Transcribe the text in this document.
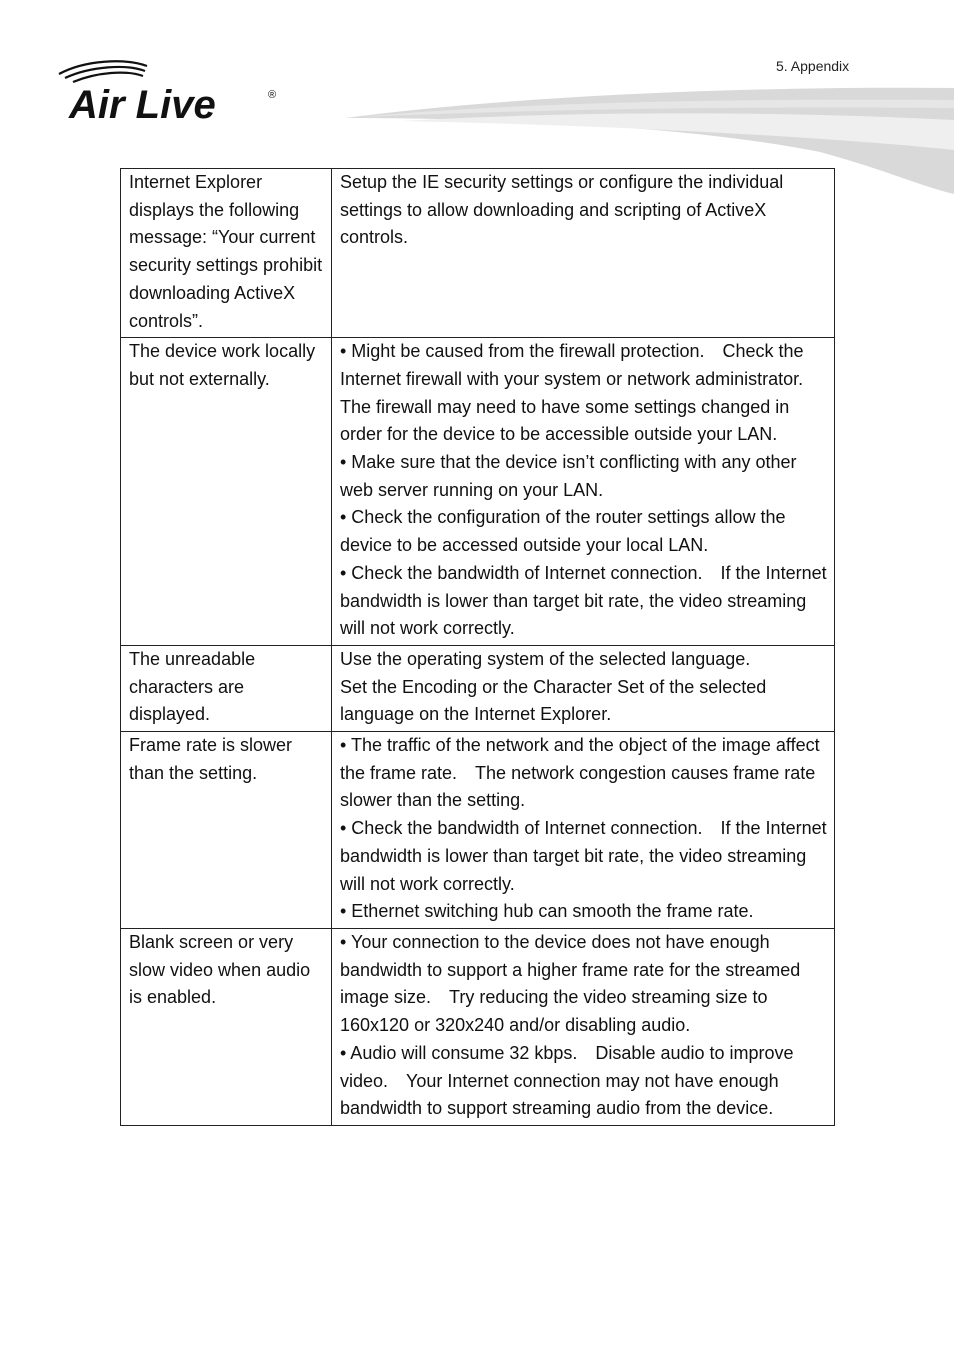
5. Appendix
Air Live	®
Internet Explorer displays the following message: “Your current security settings prohibit downloading ActiveX controls”.	Setup the IE security settings or configure the individual settings to allow downloading and scripting of ActiveX controls.

The device work locally but not externally.	• Might be caused from the firewall protection.　Check the Internet firewall with your system or network administrator.　The firewall may need to have some settings changed in order for the device to be accessible outside your LAN.
• Make sure that the device isn’t conflicting with any other web server running on your LAN.
• Check the configuration of the router settings allow the device to be accessed outside your local LAN.
• Check the bandwidth of Internet connection.　If the Internet bandwidth is lower than target bit rate, the video streaming will not work correctly.

The unreadable characters are displayed.	Use the operating system of the selected language.
Set the Encoding or the Character Set of the selected language on the Internet Explorer.

Frame rate is slower than the setting.	• The traffic of the network and the object of the image affect the frame rate.　The network congestion causes frame rate slower than the setting.
• Check the bandwidth of Internet connection.　If the Internet bandwidth is lower than target bit rate, the video streaming will not work correctly.
• Ethernet switching hub can smooth the frame rate.

Blank screen or very slow video when audio is enabled.	• Your connection to the device does not have enough bandwidth to support a higher frame rate for the streamed image size.　Try reducing the video streaming size to 160x120 or 320x240 and/or disabling audio.
• Audio will consume 32 kbps.　Disable audio to improve video.　Your Internet connection may not have enough bandwidth to support streaming audio from the device.
